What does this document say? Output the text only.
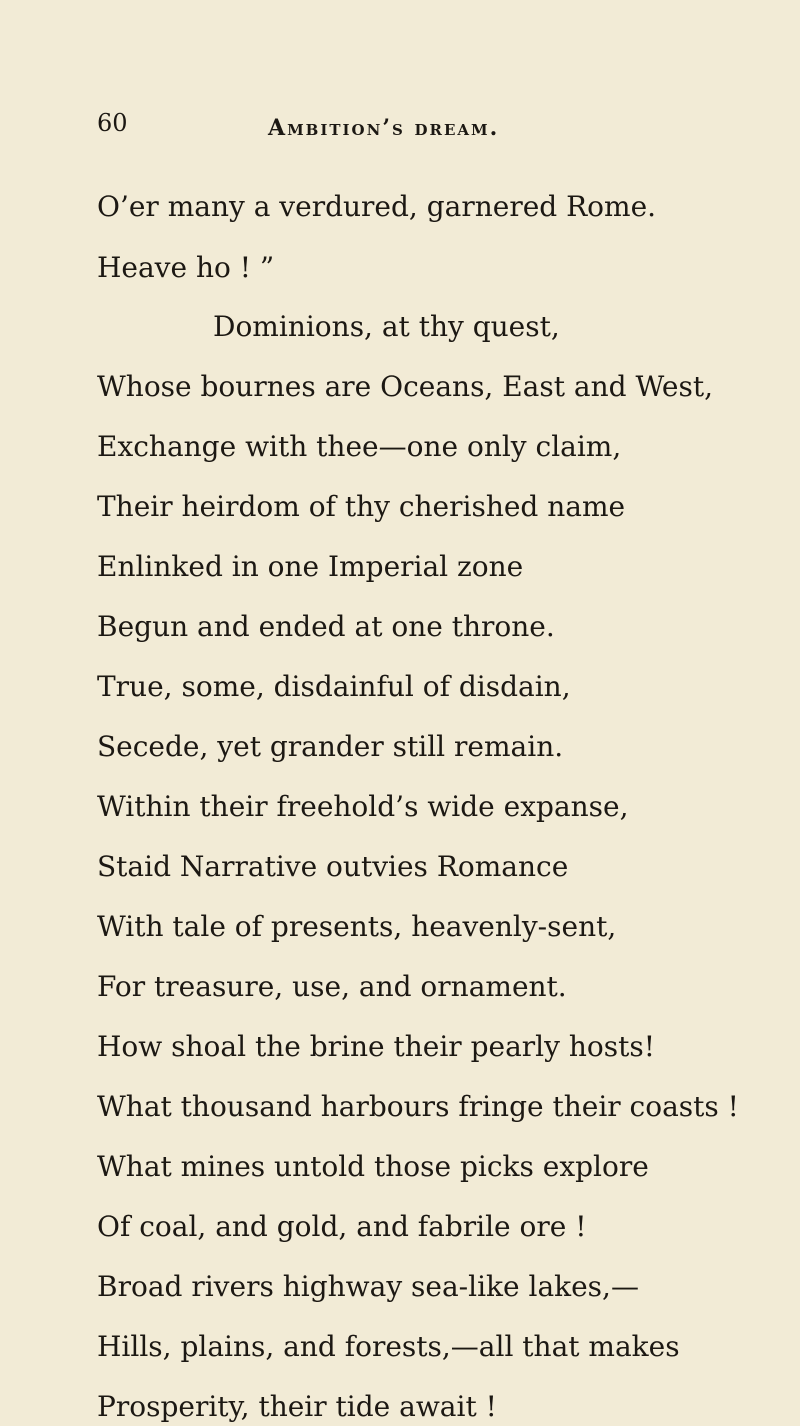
60	ambition’s dream.
O’er many a verdured, garnered Rome.
Heave ho ! ”
Dominions, at thy quest,
Whose bournes are Oceans, East and West,
Exchange with thee—one only claim,
Their heirdom of thy cherished name
Enlinked in one Imperial zone
Begun and ended at one throne.
True, some, disdainful of disdain,
Secede, yet grander still remain.
Within their freehold’s wide expanse,
Staid Narrative outvies Romance
With tale of presents, heavenly-sent,
For treasure, use, and ornament.
How shoal the brine their pearly hosts!
What thousand harbours fringe their coasts !
What mines untold those picks explore
Of coal, and gold, and fabrile ore !
Broad rivers highway sea-like lakes,—
Hills, plains, and forests,—all that makes
Prosperity, their tide await !
